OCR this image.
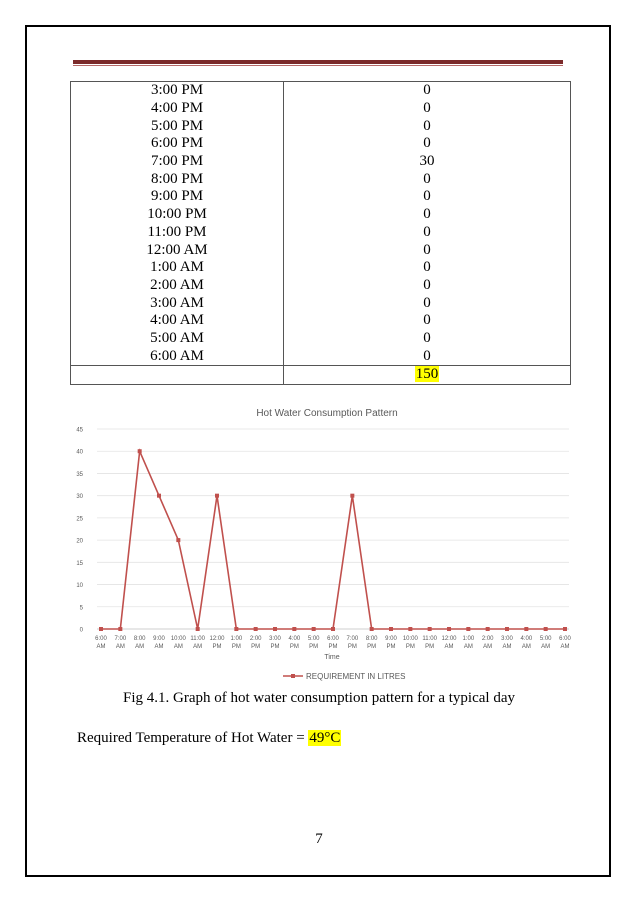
3:00 PM	0
4:00 PM	0
5:00 PM	0
6:00 PM	0
7:00 PM	30
8:00 PM	0
9:00 PM	0
10:00 PM	0
11:00 PM	0
12:00 AM	0
1:00 AM	0
2:00 AM	0
3:00 AM	0
4:00 AM	0
5:00 AM	0
6:00 AM	0
	150
Hot Water Consumption Pattern
0
5
10
15
20
25
30
35
40
45
6:00
AM
7:00
AM
8:00
AM
9:00
AM
10:00
AM
11:00
AM
12:00
PM
1:00
PM
2:00
PM
3:00
PM
4:00
PM
5:00
PM
6:00
PM
7:00
PM
8:00
PM
9:00
PM
10:00
PM
11:00
PM
12:00
AM
1:00
AM
2:00
AM
3:00
AM
4:00
AM
5:00
AM
6:00
AM
Time
REQUIREMENT IN LITRES
Fig 4.1. Graph of hot water consumption pattern for a typical day
Required Temperature of Hot Water = 49°C
7
